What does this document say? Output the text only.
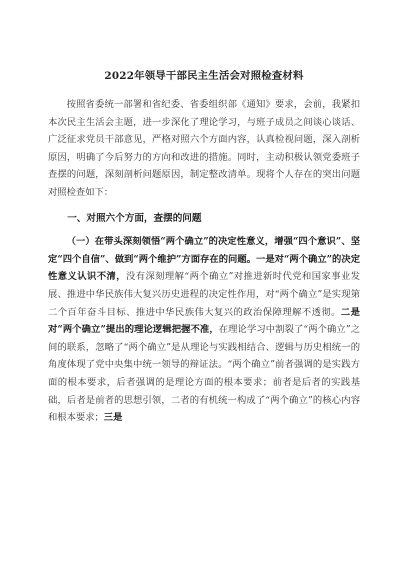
2022年领导干部民主生活会对照检查材料

按照省委统一部署和省纪委、省委组织部《通知》要求，会前，我紧扣本次民主生活会主题，进一步深化了理论学习，与班子成员之间谈心谈话、广泛征求党员干部意见，严格对照六个方面内容，认真检视问题，深入剖析原因，明确了今后努力的方向和改进的措施。同时，主动积极认领党委班子查摆的问题，深刻剖析问题原因，制定整改清单。现将个人存在的突出问题对照检查如下：

一、对照六个方面，查摆的问题

（一）在带头深刻领悟“两个确立”的决定性意义，增强“四个意识”、坚定“四个自信”、做到“两个维护”方面存在的问题。一是对“两个确立”的决定性意义认识不清，没有深刻理解“两个确立”对推进新时代党和国家事业发展、推进中华民族伟大复兴历史进程的决定性作用，对“两个确立”是实现第二个百年奋斗目标、推进中华民族伟大复兴的政治保障理解不透彻。二是对“两个确立”提出的理论逻辑把握不准，在理论学习中割裂了“两个确立”之间的联系，忽略了“两个确立”是从理论与实践相结合、逻辑与历史相统一的角度体现了党中央集中统一领导的辩证法。“两个确立”前者强调的是实践方面的根本要求，后者强调的是理论方面的根本要求；前者是后者的实践基础，后者是前者的思想引领，二者的有机统一构成了“两个确立”的核心内容和根本要求；三是
